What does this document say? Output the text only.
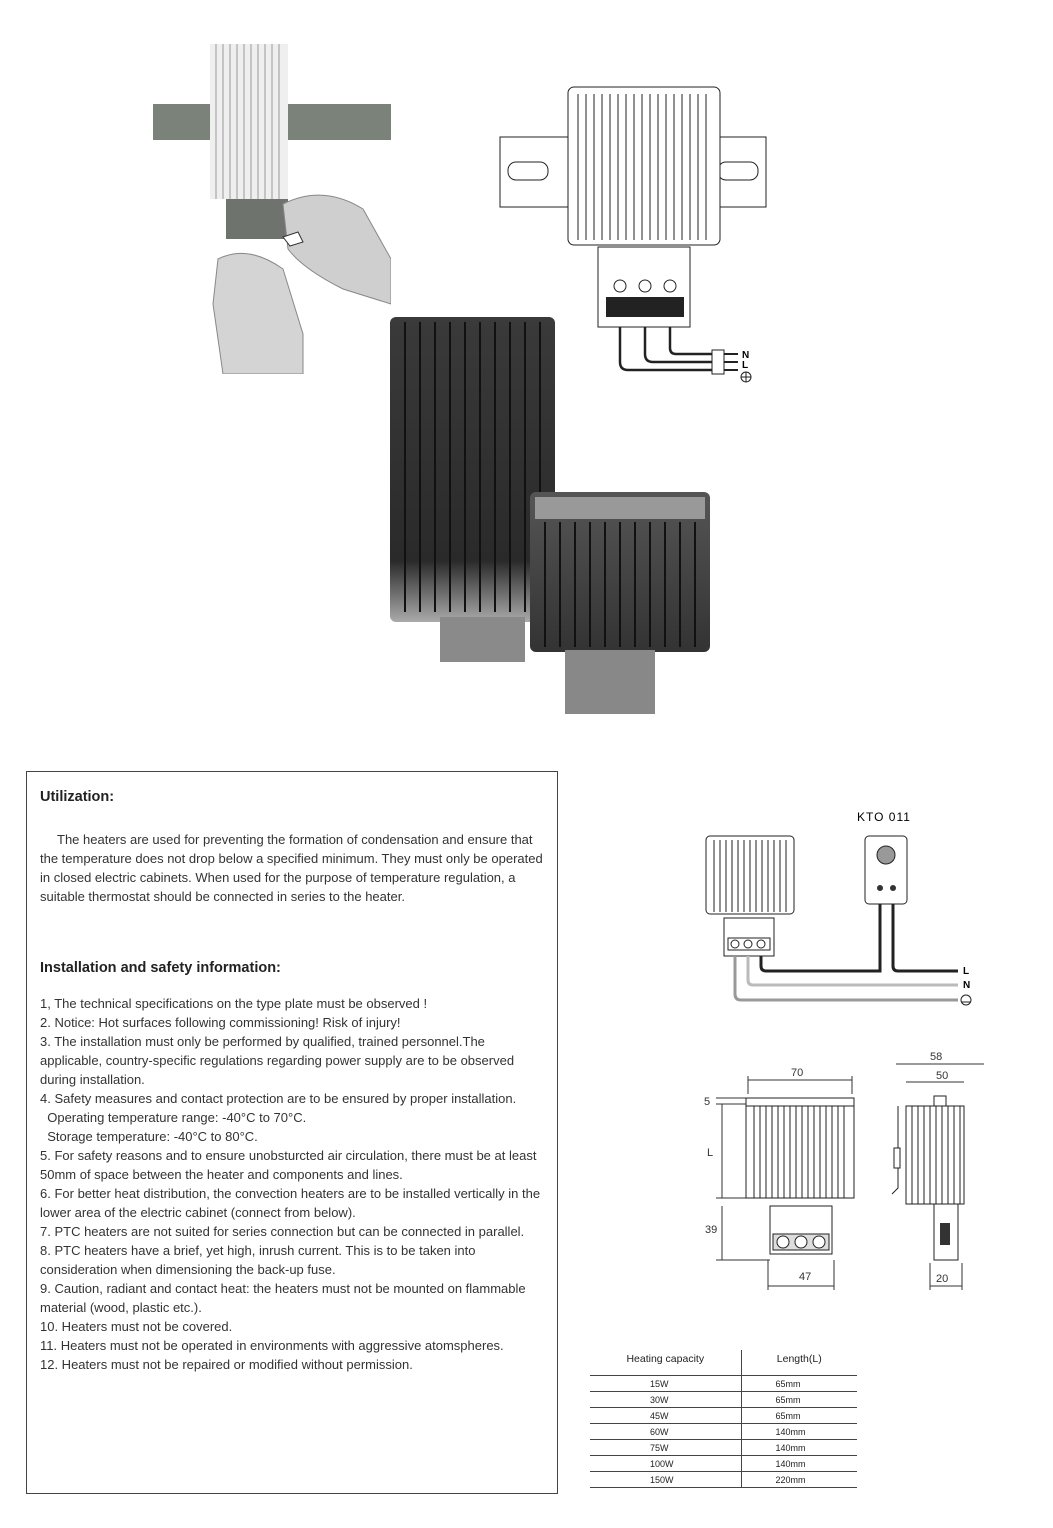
N
L
Utilization:

The heaters are used for preventing the formation of condensation and ensure that the temperature does not drop below a specified minimum. They must only be operated in closed electric cabinets. When used for the purpose of temperature regulation, a suitable thermostat should be connected in series to the heater.

Installation and safety information:
1, The technical specifications on the type plate must be observed !
2. Notice: Hot surfaces following commissioning! Risk of injury!
3. The installation must only be performed by qualified, trained personnel.The applicable, country-specific regulations regarding power supply are to be observed during installation.
4. Safety measures and contact protection are to be ensured by proper installation.
Operating temperature range: -40°C to 70°C.
Storage temperature: -40°C to 80°C.
5. For safety reasons and to ensure unobsturcted air circulation, there must be at least 50mm of space between the heater and components and lines.
6. For better heat distribution, the convection heaters are to be installed vertically in the lower area of the electric cabinet (connect from below).
7. PTC heaters are not suited for series connection but can be connected in parallel.
8. PTC heaters have a brief, yet high, inrush current. This is to be taken into consideration when dimensioning the back-up fuse.
9. Caution, radiant and contact heat: the heaters must not be mounted on flammable material (wood, plastic etc.).
10. Heaters must not be covered.
11. Heaters must not be operated in environments with aggressive atomspheres.
12. Heaters must not be repaired or modified without permission.
KTO 011
L
N
70
5
L
39
47
58
50
20
Heating capacity	Length(L)
15W	65mm
30W	65mm
45W	65mm
60W	140mm
75W	140mm
100W	140mm
150W	220mm
